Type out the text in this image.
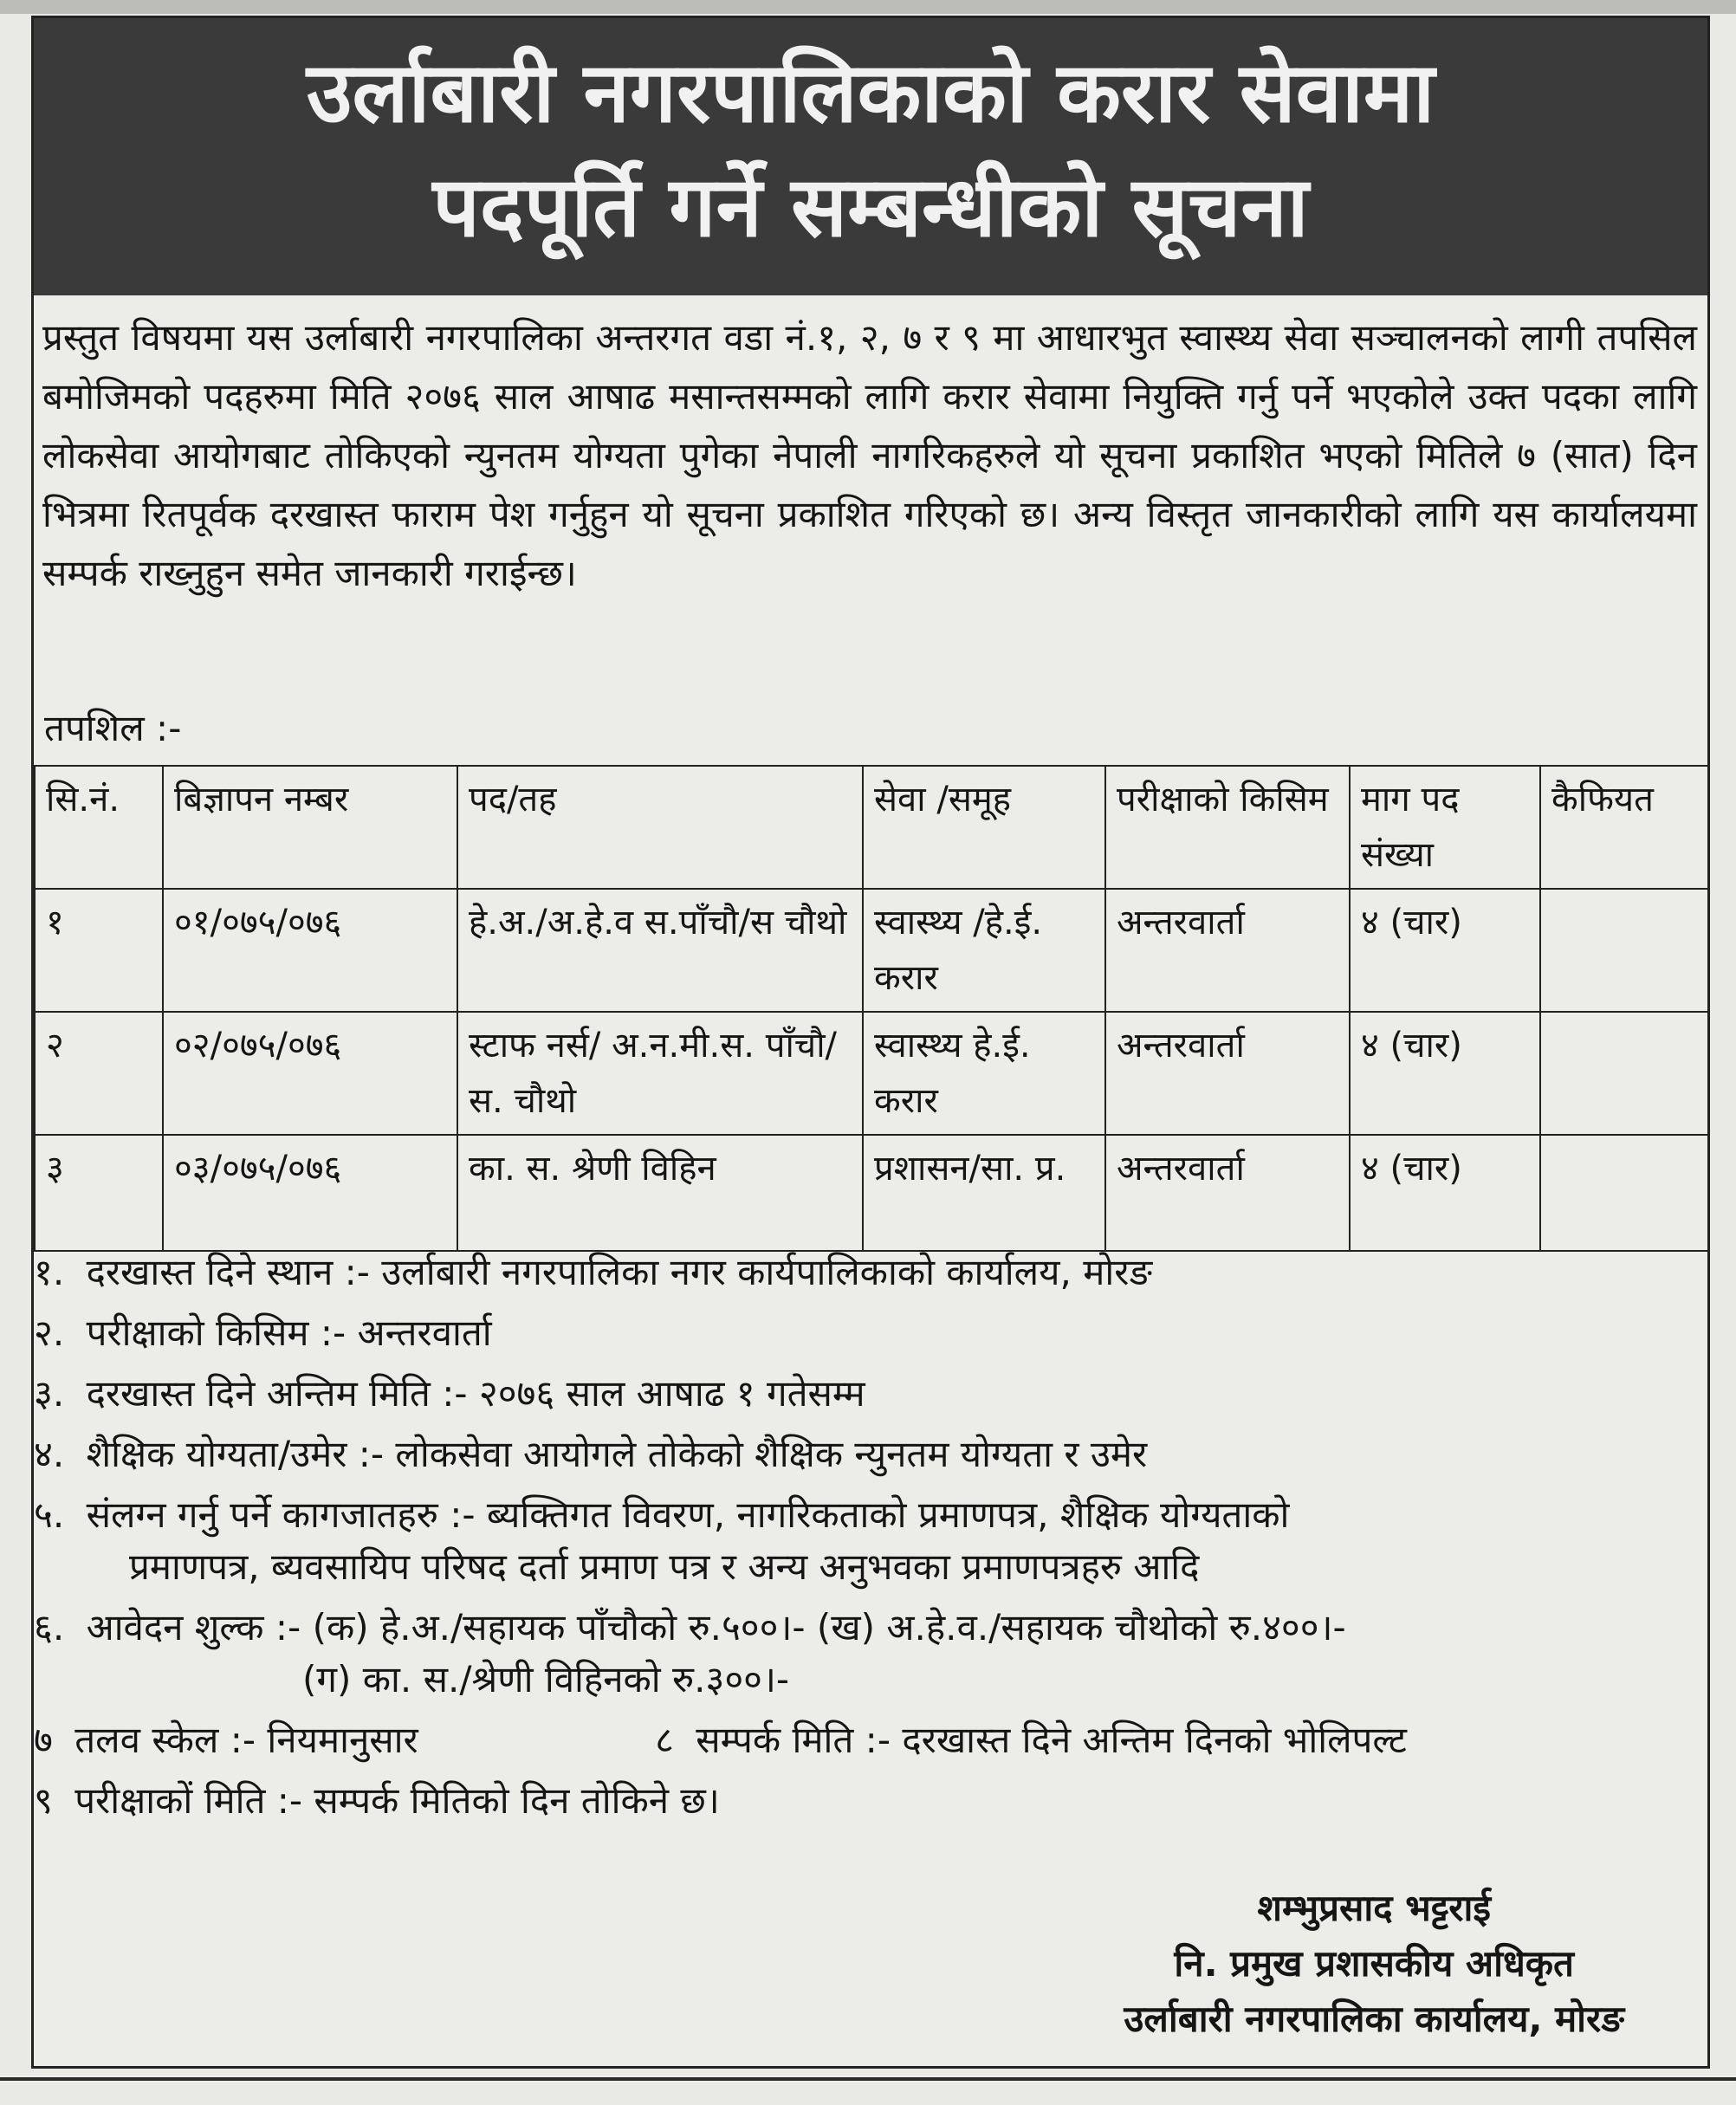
उर्लाबारी नगरपालिकाको करार सेवामा
पदपूर्ति गर्ने सम्बन्धीको सूचना

प्रस्तुत विषयमा यस उर्लाबारी नगरपालिका अन्तरगत वडा नं.१, २, ७ र ९ मा आधारभुत स्वास्थ्य सेवा सञ्चालनको लागी तपसिल बमोजिमको पदहरुमा मिति २०७६ साल आषाढ मसान्तसम्मको लागि करार सेवामा नियुक्ति गर्नु पर्ने भएकोले उक्त पदका लागि लोकसेवा आयोगबाट तोकिएको न्युनतम योग्यता पुगेका नेपाली नागरिकहरुले यो सूचना प्रकाशित भएको मितिले ७ (सात) दिन भित्रमा रितपूर्वक दरखास्त फाराम पेश गर्नुहुन यो सूचना प्रकाशित गरिएको छ। अन्य विस्तृत जानकारीको लागि यस कार्यालयमा सम्पर्क राख्नुहुन समेत जानकारी गराईन्छ।

तपशिल :-
सि.नं.	बिज्ञापन नम्बर	पद/तह	सेवा /समूह	परीक्षाको किसिम	माग पद संख्या	कैफियत
१	०१/०७५/०७६	हे.अ./अ.हे.व स.पाँचौ/स चौथो	स्वास्थ्य /हे.ई. करार	अन्तरवार्ता	४ (चार)	
२	०२/०७५/०७६	स्टाफ नर्स/ अ.न.मी.स. पाँचौ/ स. चौथो	स्वास्थ्य हे.ई. करार	अन्तरवार्ता	४ (चार)	
३	०३/०७५/०७६	का. स. श्रेणी विहिन	प्रशासन/सा. प्र.	अन्तरवार्ता	४ (चार)	
१. दरखास्त दिने स्थान :- उर्लाबारी नगरपालिका नगर कार्यपालिकाको कार्यालय, मोरङ
२. परीक्षाको किसिम :- अन्तरवार्ता
३. दरखास्त दिने अन्तिम मिति :- २०७६ साल आषाढ १ गतेसम्म
४. शैक्षिक योग्यता/उमेर :- लोकसेवा आयोगले तोकेको शैक्षिक न्युनतम योग्यता र उमेर
५. संलग्न गर्नु पर्ने कागजातहरु :- ब्यक्तिगत विवरण, नागरिकताको प्रमाणपत्र, शैक्षिक योग्यताको
प्रमाणपत्र, ब्यवसायिप परिषद दर्ता प्रमाण पत्र र अन्य अनुभवका प्रमाणपत्रहरु आदि
६. आवेदन शुल्क :- (क) हे.अ./सहायक पाँचौको रु.५००।- (ख) अ.हे.व./सहायक चौथोको रु.४००।-
(ग) का. स./श्रेणी विहिनको रु.३००।-
७ तलव स्केल :- नियमानुसार	८ सम्पर्क मिति :- दरखास्त दिने अन्तिम दिनको भोलिपल्ट
९ परीक्षाकों मिति :- सम्पर्क मितिको दिन तोकिने छ।
शम्भुप्रसाद भट्टराई
नि. प्रमुख प्रशासकीय अधिकृत
उर्लाबारी नगरपालिका कार्यालय, मोरङ
